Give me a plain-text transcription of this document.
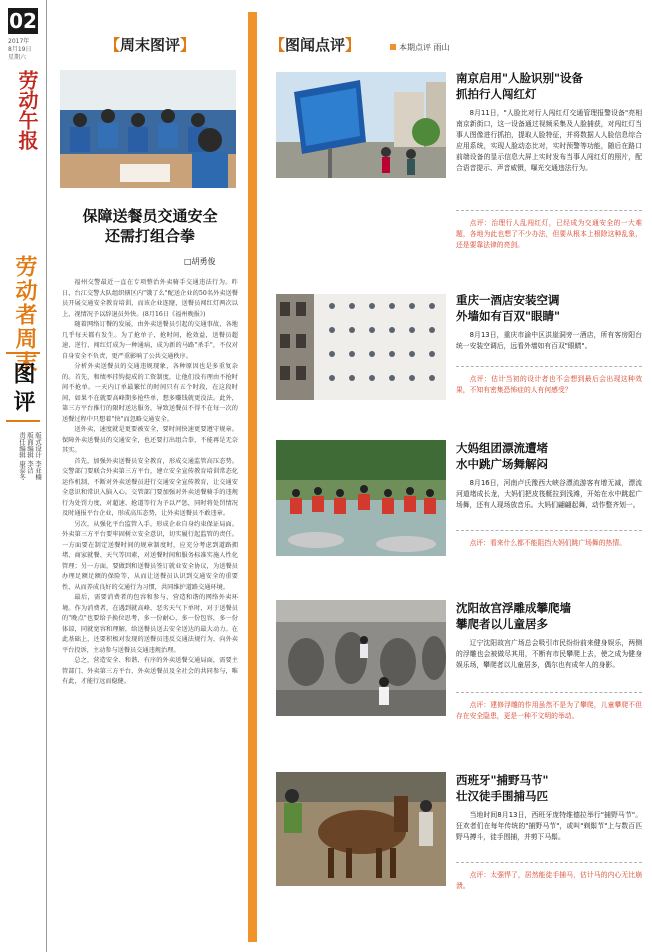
02
2017年
8月19日
星期六
劳动午报
劳动者周末
图评
版式设计 李亚楠
版面编辑 李洁
责任编辑 康泰冬
【周末图评】
保障送餐员交通安全
还需打组合拳
□胡勇俊

福州交警最近一直在专项整治外卖骑手交通违法行为。昨日，台江交警大队组织辖区内"饿了么"配送企业的50名外卖送餐员开展交通安全教育培训，而该企业连窿，送餐员闯红灯两次以上，视情况予以辞退员外快。(8月16日《福州晚报》)

随着网络订餐的发展，由外卖送餐员引起的交通事故，各地几乎每天都有发生。为了抢单子，抢时间，抢效益，送餐员超速、逆行、闯红灯成为一种通病，成为新的马路"杀手"，不仅对自身安全不负责，更严重影响了公共交通秩序。

分析外卖送餐员的交通违规现象，各种原因也是多重复杂的。首先，和绩率挂钩提成的工资制度，让他们没有理由不抢时间不抢单。一天内订单最繁忙的时间只有五个时段，在这段时间，如果不在就要高峰期多抢些单，想多赚钱就更没法。此外，第三方平台推行的限时送达服务，导致送餐员不得不在每一次的送餐过程中只想着"快"而忽略交通安全。

送外卖，速度就是更要被安全，要时间快速更要遵守规章。保障外卖送餐员的交通安全，也还要打出组合拳，不能再是无奈其实。

首先，加强外卖送餐员安全教育，形成交通监管高压态势。交警部门要联合外卖第三方平台，建立安全宣传教育培训常态化运作机制，不断对外卖送餐员进行交通安全宣传教育，让交通安全意识和常识入脑入心。交管部门要加强对外卖送餐骑手的违规行为处罚力度，对超速、抢道等行为予以严惩，同时将处罚情况及时通报平台企业，形成高压态势，让外卖送餐员不敢违章。

另次，从强化平台监管入手，形成企业自身约束保证局面。外卖第三方平台要牢固树立安全意识，切实履行起监管的责任。一方面要在制定送餐时间的规章制度时，应充分考虑到道路拥堵、商家就餐、天气等因素，对送餐时间和服务标准实施人性化管理；另一方面，要做到和送餐员签订就业安全协议，为送餐员办理足额足额的保险等，从而让送餐员认识到交通安全的重要性，从而养成良好的交通行为习惯，共同维护道路交通环境。

最后，需要消费者的包容和参与，营造和谐的网络外卖环境。作为消费者，在遇到就高峰、恶劣天气下单时，对于送餐员的"晚点"也要给予换位思考，多一份耐心，多一份包容，多一份体谅，同就宽容和理解，给送餐员送去安全送达的最大动力。在此基础上，还要积极对发现的送餐员违反交通法规行为，向外卖平台投诉，主动参与送餐员交通违规治理。

总之，营造安全、和谐、有序的外卖送餐交通局面，需要主管部门、外卖第三方平台、外卖送餐员及全社会的共同参与，唯有此，才能行远而稳健。

【图闻点评】	本期点评 雨山
南京启用"人脸识别"设备
抓拍行人闯红灯
8月11日，"人脸比对行人闯红灯交通管理报警设备"亮相南京新街口，这一设备通过视频采集及人脸捕获，对闯红灯当事人图像进行抓拍，提取人脸特征，并将数据人人脸信息综合应用系统，实现人脸动态比对，实时预警等功能，随后在路口前端设备的显示信息大屏上实时发布当事人闯红灯的照片，配合语音提示、声音威慑，曝光交通违法行为。
点评：治理行人乱闯红灯，已经成为交通安全的一大难题，各地为此也想了不少办法，但要从根本上根除这种乱象，还是要靠法律的亮剑。
重庆一酒店安装空调
外墙如有百双"眼睛"
8月13日，重庆市渝中区洪崖洞旁一酒店，所有客房阳台统一安装空调后，远看外墙如有百双"眼睛"。
点评：估计当初的设计者也不会想到最后会出现这种效果，不知有密集恐怖症的人有何感受？
大妈组团漂流遭堵
水中跳广场舞解闷
8月16日，河南卢氏豫西大峡谷漂流游客有增无减，漂流河道堵成长龙，大妈们把皮筏艇拉到浅滩，开始在水中跳起广场舞，还有人现场放音乐。大妈们翩翩起舞，动作整齐划一。
点评：看来什么都不能阻挡大妈们跳广场舞的热情。
沈阳故宫浮雕成攀爬墙
攀爬者以儿童居多
辽宁沈阳故宫广场总会吸引市民纷纷前来健身娱乐，两侧的浮雕也会被做尽其用，不断有市民攀爬上去，使之成为健身娱乐场，攀爬者以儿童居多，偶尔也有成年人的身影。
点评：建修浮雕的作用虽然不是为了攀爬，儿童攀爬不但存在安全隐患，更是一种不文明的举动。
西班牙"捕野马节"
壮汉徒手围捕马匹
当地时间8月13日，西班牙庞特维德拉举行"捕野马节"。狂欢者们在每年传统的"捕野马节"，或叫"剃鬃节"上与数百匹野马搏斗，徒手围捕，并剪下马鬃。
点评：太强悍了，居然能徒手捕马，估计马的内心无比崩溃。
